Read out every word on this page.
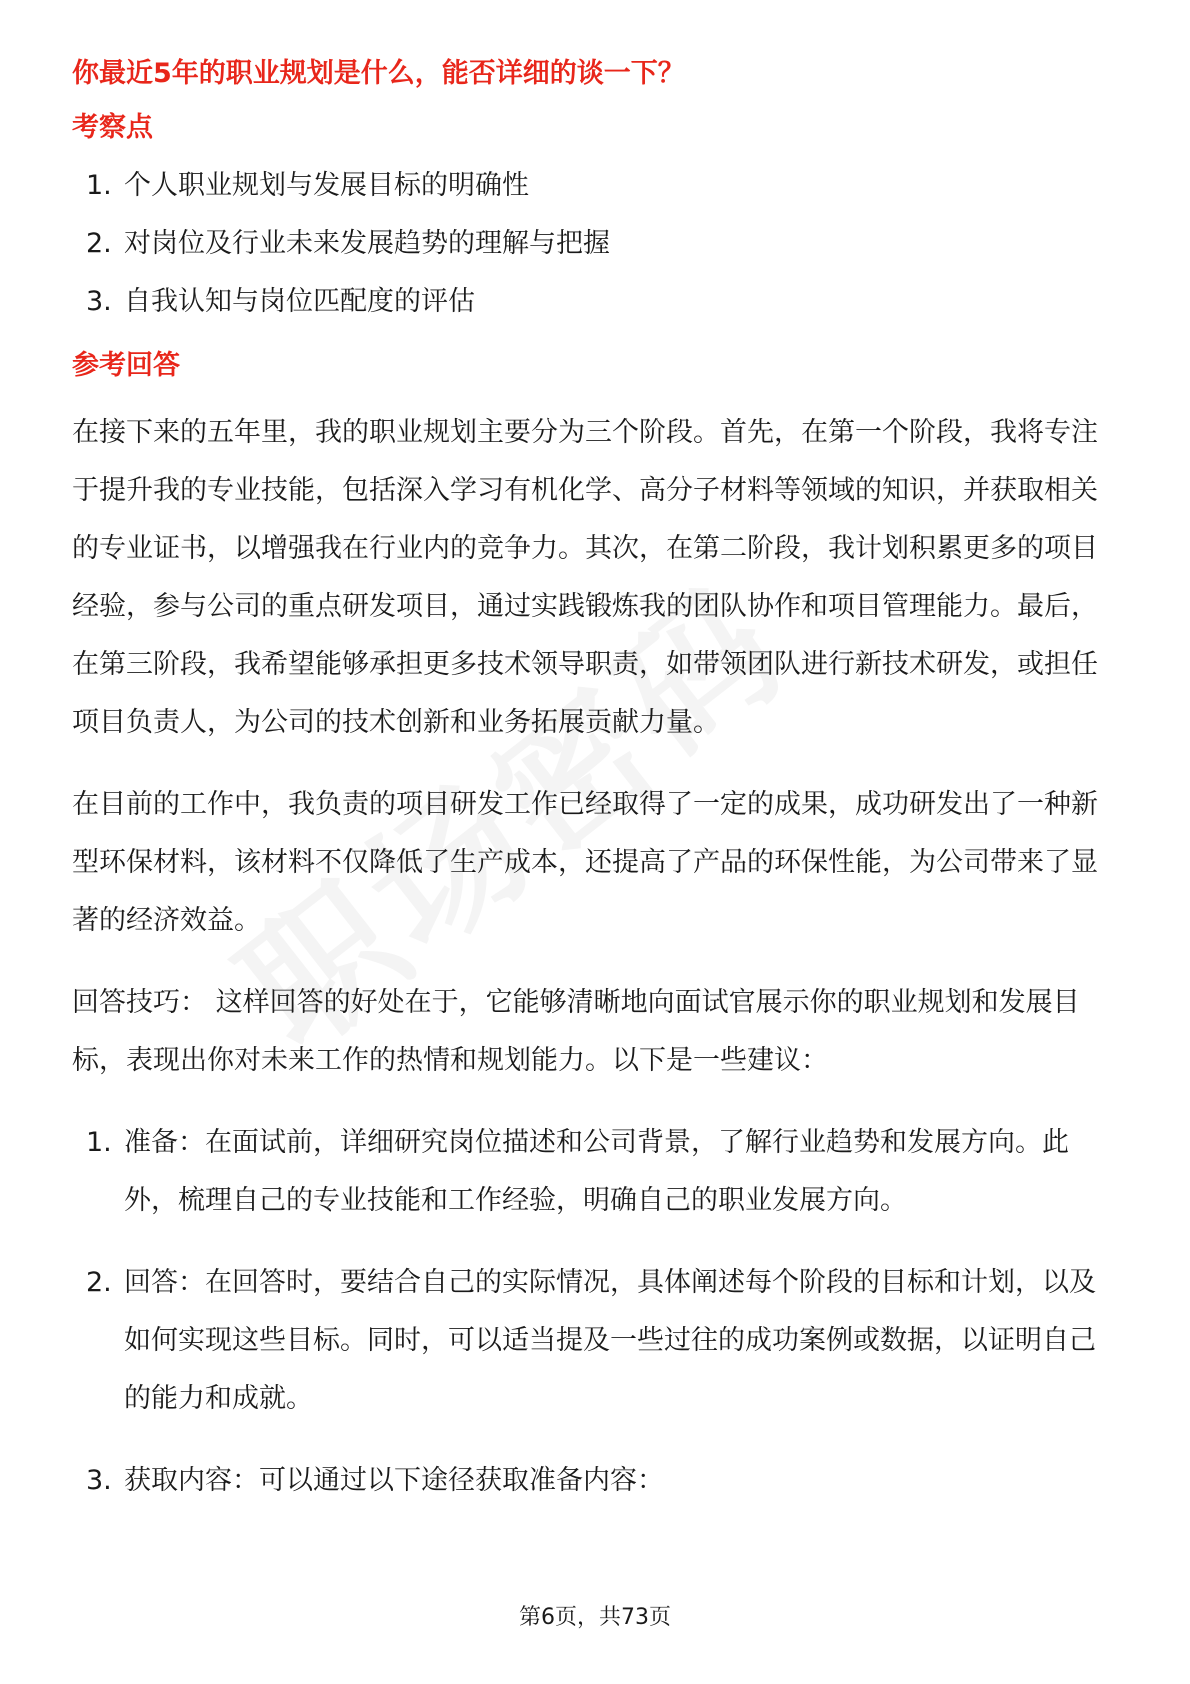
你最近5年的职业规划是什么，能否详细的谈一下？
考察点
1. 个人职业规划与发展目标的明确性
2. 对岗位及行业未来发展趋势的理解与把握
3. 自我认知与岗位匹配度的评估
参考回答

在接下来的五年里，我的职业规划主要分为三个阶段。首先，在第一个阶段，我将专注于提升我的专业技能，包括深入学习有机化学、高分子材料等领域的知识，并获取相关的专业证书，以增强我在行业内的竞争力。其次，在第二阶段，我计划积累更多的项目经验，参与公司的重点研发项目，通过实践锻炼我的团队协作和项目管理能力。最后，在第三阶段，我希望能够承担更多技术领导职责，如带领团队进行新技术研发，或担任项目负责人，为公司的技术创新和业务拓展贡献力量。

在目前的工作中，我负责的项目研发工作已经取得了一定的成果，成功研发出了一种新型环保材料，该材料不仅降低了生产成本，还提高了产品的环保性能，为公司带来了显著的经济效益。

回答技巧： 这样回答的好处在于，它能够清晰地向面试官展示你的职业规划和发展目标，表现出你对未来工作的热情和规划能力。以下是一些建议：

1. 准备：在面试前，详细研究岗位描述和公司背景，了解行业趋势和发展方向。此外，梳理自己的专业技能和工作经验，明确自己的职业发展方向。
2. 回答：在回答时，要结合自己的实际情况，具体阐述每个阶段的目标和计划，以及如何实现这些目标。同时，可以适当提及一些过往的成功案例或数据，以证明自己的能力和成就。
3. 获取内容：可以通过以下途径获取准备内容：
第6页，共73页
